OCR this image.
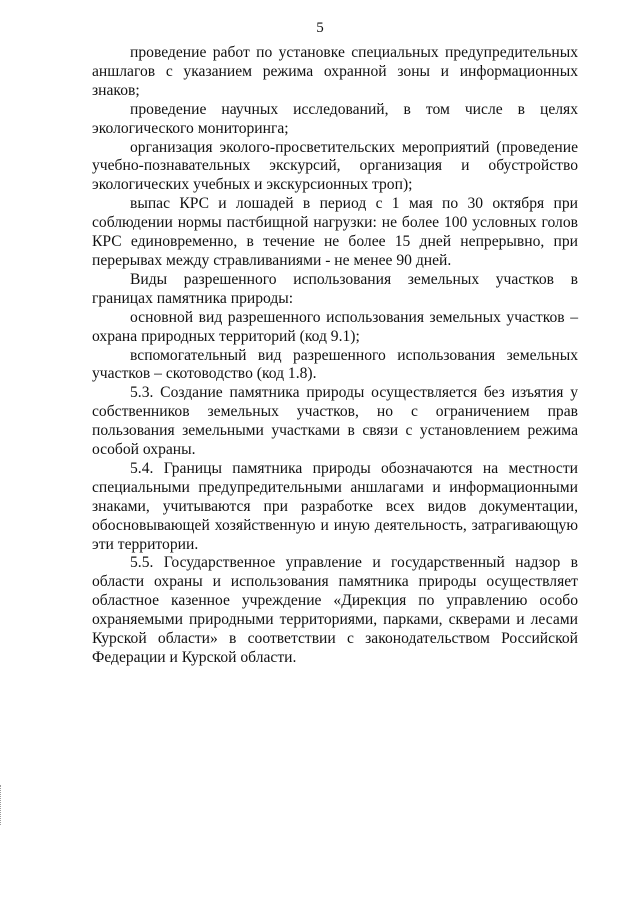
5

проведение работ по установке специальных предупредительных аншлагов с указанием режима охранной зоны и информационных знаков;

проведение научных исследований, в том числе в целях экологического мониторинга;

организация эколого-просветительских мероприятий (проведение учебно-познавательных экскурсий, организация и обустройство экологических учебных и экскурсионных троп);

выпас КРС и лошадей в период с 1 мая по 30 октября при соблюдении нормы пастбищной нагрузки: не более 100 условных голов КРС единовременно, в течение не более 15 дней непрерывно, при перерывах между стравливаниями - не менее 90 дней.

Виды разрешенного использования земельных участков в границах памятника природы:

основной вид разрешенного использования земельных участков – охрана природных территорий (код 9.1);

вспомогательный вид разрешенного использования земельных участков – скотоводство (код 1.8).

5.3. Создание памятника природы осуществляется без изъятия у собственников земельных участков, но с ограничением прав пользования земельными участками в связи с установлением режима особой охраны.

5.4. Границы памятника природы обозначаются на местности специальными предупредительными аншлагами и информационными знаками, учитываются при разработке всех видов документации, обосновывающей хозяйственную и иную деятельность, затрагивающую эти территории.

5.5. Государственное управление и государственный надзор в области охраны и использования памятника природы осуществляет областное казенное учреждение «Дирекция по управлению особо охраняемыми природными территориями, парками, скверами и лесами Курской области» в соответствии с законодательством Российской Федерации и Курской области.
